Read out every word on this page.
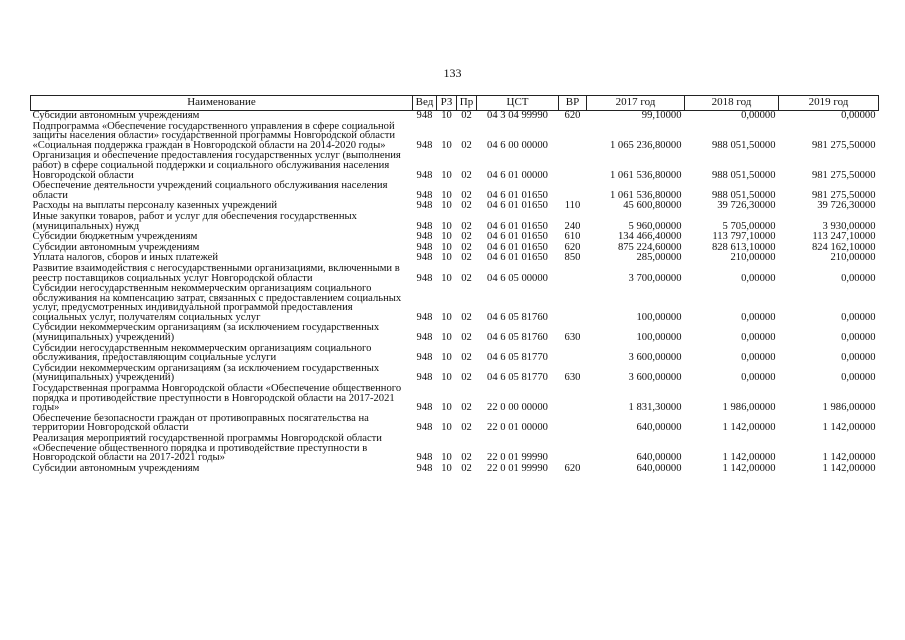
133
Наименование	Вед	РЗ	Пр	ЦСТ	ВР	2017 год	2018 год	2019 год
Субсидии автономным учреждениям	948	10	02	04 3 04 99990	620	99,10000	0,00000	0,00000
Подпрограмма «Обеспечение государственного управления в сфере социальной защиты населения области» государственной программы Новгородской области «Социальная поддержка граждан в Новгородской области на 2014-2020 годы»	948	10	02	04 6 00 00000		1 065 236,80000	988 051,50000	981 275,50000
Организация и обеспечение предоставления государственных услуг (выполнения работ) в сфере социальной поддержки и социального обслуживания населения Новгородской области	948	10	02	04 6 01 00000		1 061 536,80000	988 051,50000	981 275,50000
Обеспечение деятельности учреждений социального обслуживания населения области	948	10	02	04 6 01 01650		1 061 536,80000	988 051,50000	981 275,50000
Расходы на выплаты персоналу казенных учреждений	948	10	02	04 6 01 01650	110	45 600,80000	39 726,30000	39 726,30000
Иные закупки товаров, работ и услуг для обеспечения государственных (муниципальных) нужд	948	10	02	04 6 01 01650	240	5 960,00000	5 705,00000	3 930,00000
Субсидии бюджетным учреждениям	948	10	02	04 6 01 01650	610	134 466,40000	113 797,10000	113 247,10000
Субсидии автономным учреждениям	948	10	02	04 6 01 01650	620	875 224,60000	828 613,10000	824 162,10000
Уплата налогов, сборов и иных платежей	948	10	02	04 6 01 01650	850	285,00000	210,00000	210,00000
Развитие взаимодействия с негосударственными организациями, включенными в реестр поставщиков социальных услуг Новгородской области	948	10	02	04 6 05 00000		3 700,00000	0,00000	0,00000
Субсидии негосударственным некоммерческим организациям социального обслуживания на компенсацию затрат, связанных с предоставлением социальных услуг, предусмотренных индивидуальной программой предоставления социальных услуг, получателям социальных услуг	948	10	02	04 6 05 81760		100,00000	0,00000	0,00000
Субсидии некоммерческим организациям (за исключением государственных (муниципальных) учреждений)	948	10	02	04 6 05 81760	630	100,00000	0,00000	0,00000
Субсидии негосударственным некоммерческим организациям социального обслуживания, предоставляющим социальные услуги	948	10	02	04 6 05 81770		3 600,00000	0,00000	0,00000
Субсидии некоммерческим организациям (за исключением государственных (муниципальных) учреждений)	948	10	02	04 6 05 81770	630	3 600,00000	0,00000	0,00000
Государственная программа Новгородской области «Обеспечение общественного порядка и противодействие преступности в Новгородской области на 2017-2021 годы»	948	10	02	22 0 00 00000		1 831,30000	1 986,00000	1 986,00000
Обеспечение безопасности граждан от противоправных посягательства на территории Новгородской области	948	10	02	22 0 01 00000		640,00000	1 142,00000	1 142,00000
Реализация мероприятий государственной программы Новгородской области «Обеспечение общественного порядка и противодействие преступности в Новгородской области на 2017-2021 годы»	948	10	02	22 0 01 99990		640,00000	1 142,00000	1 142,00000
Субсидии автономным учреждениям	948	10	02	22 0 01 99990	620	640,00000	1 142,00000	1 142,00000
